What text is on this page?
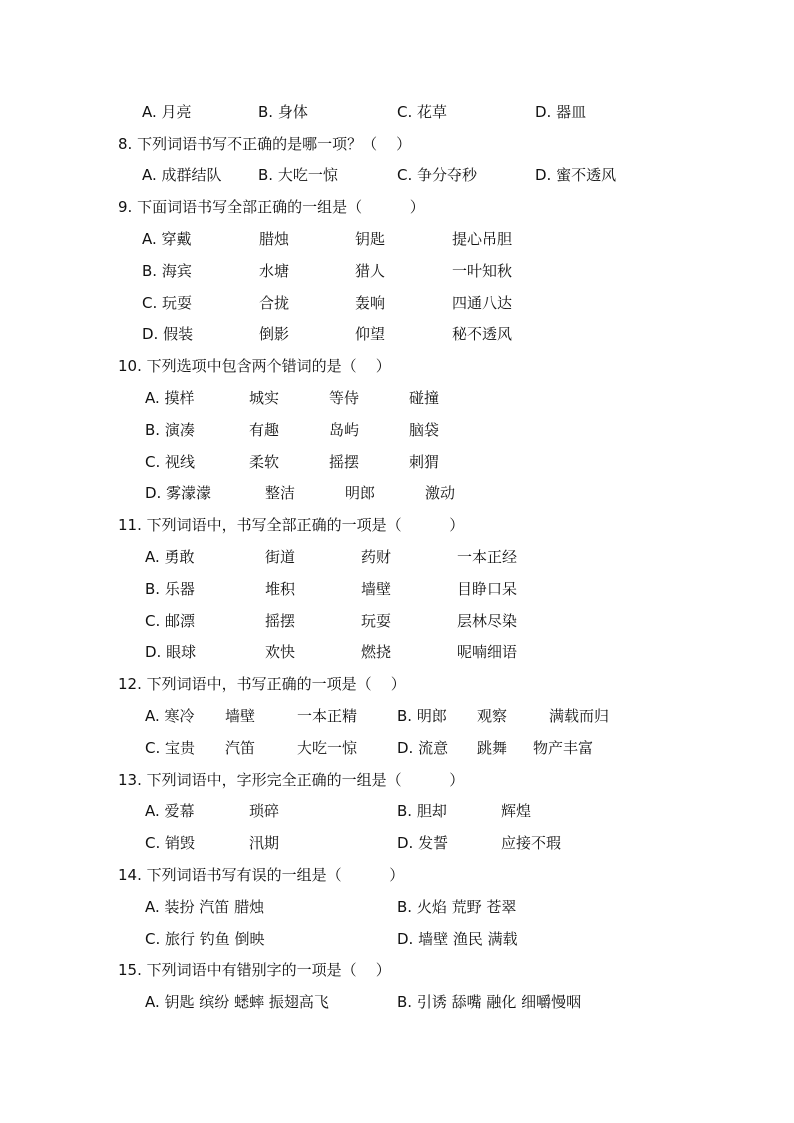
A. 月亮	B. 身体	C. 花草	D. 器皿
8. 下列词语书写不正确的是哪一项？（    ）
A. 成群结队 B. 大吃一惊	C. 争分夺秒	D. 蜜不透风
9. 下面词语书写全部正确的一组是（          ）
A. 穿戴	腊烛	钥匙	提心吊胆
B. 海宾	水塘	猎人	一叶知秋
C. 玩耍	合拢	轰响	四通八达
D. 假装	倒影	仰望	秘不透风
10. 下列选项中包含两个错词的是（    ）
A. 摸样	城实	等侍	碰撞
B. 演凑	有趣	岛屿	脑袋
C. 视线	柔软	摇摆	刺猬
D. 雾濛濛	整洁	明郎	激动
11. 下列词语中，书写全部正确的一项是（          ）
A. 勇敢	街道	药财	一本正经
B. 乐器	堆积	墙壁	目睁口呆
C. 邮漂	摇摆	玩耍	层林尽染
D. 眼球	欢快	燃挠	呢喃细语
12. 下列词语中，书写正确的一项是（    ）
A. 寒冷 墙壁	一本正精	B. 明郎 观察	满载而归
C. 宝贵 汽笛	大吃一惊	D. 流意 跳舞 物产丰富
13. 下列词语中，字形完全正确的一组是（          ）
A. 爱幕	琐碎	B. 胆却	辉煌
C. 销毁	汛期	D. 发誓	应接不瑕
14. 下列词语书写有误的一组是（          ）
A. 装扮 汽笛 腊烛	B. 火焰 荒野 苍翠
C. 旅行 钓鱼 倒映	D. 墙壁 渔民 满载
15. 下列词语中有错别字的一项是（    ）
A. 钥匙 缤纷 蟋蟀 振翅高飞	B. 引诱 舔嘴 融化 细嚼慢咽
